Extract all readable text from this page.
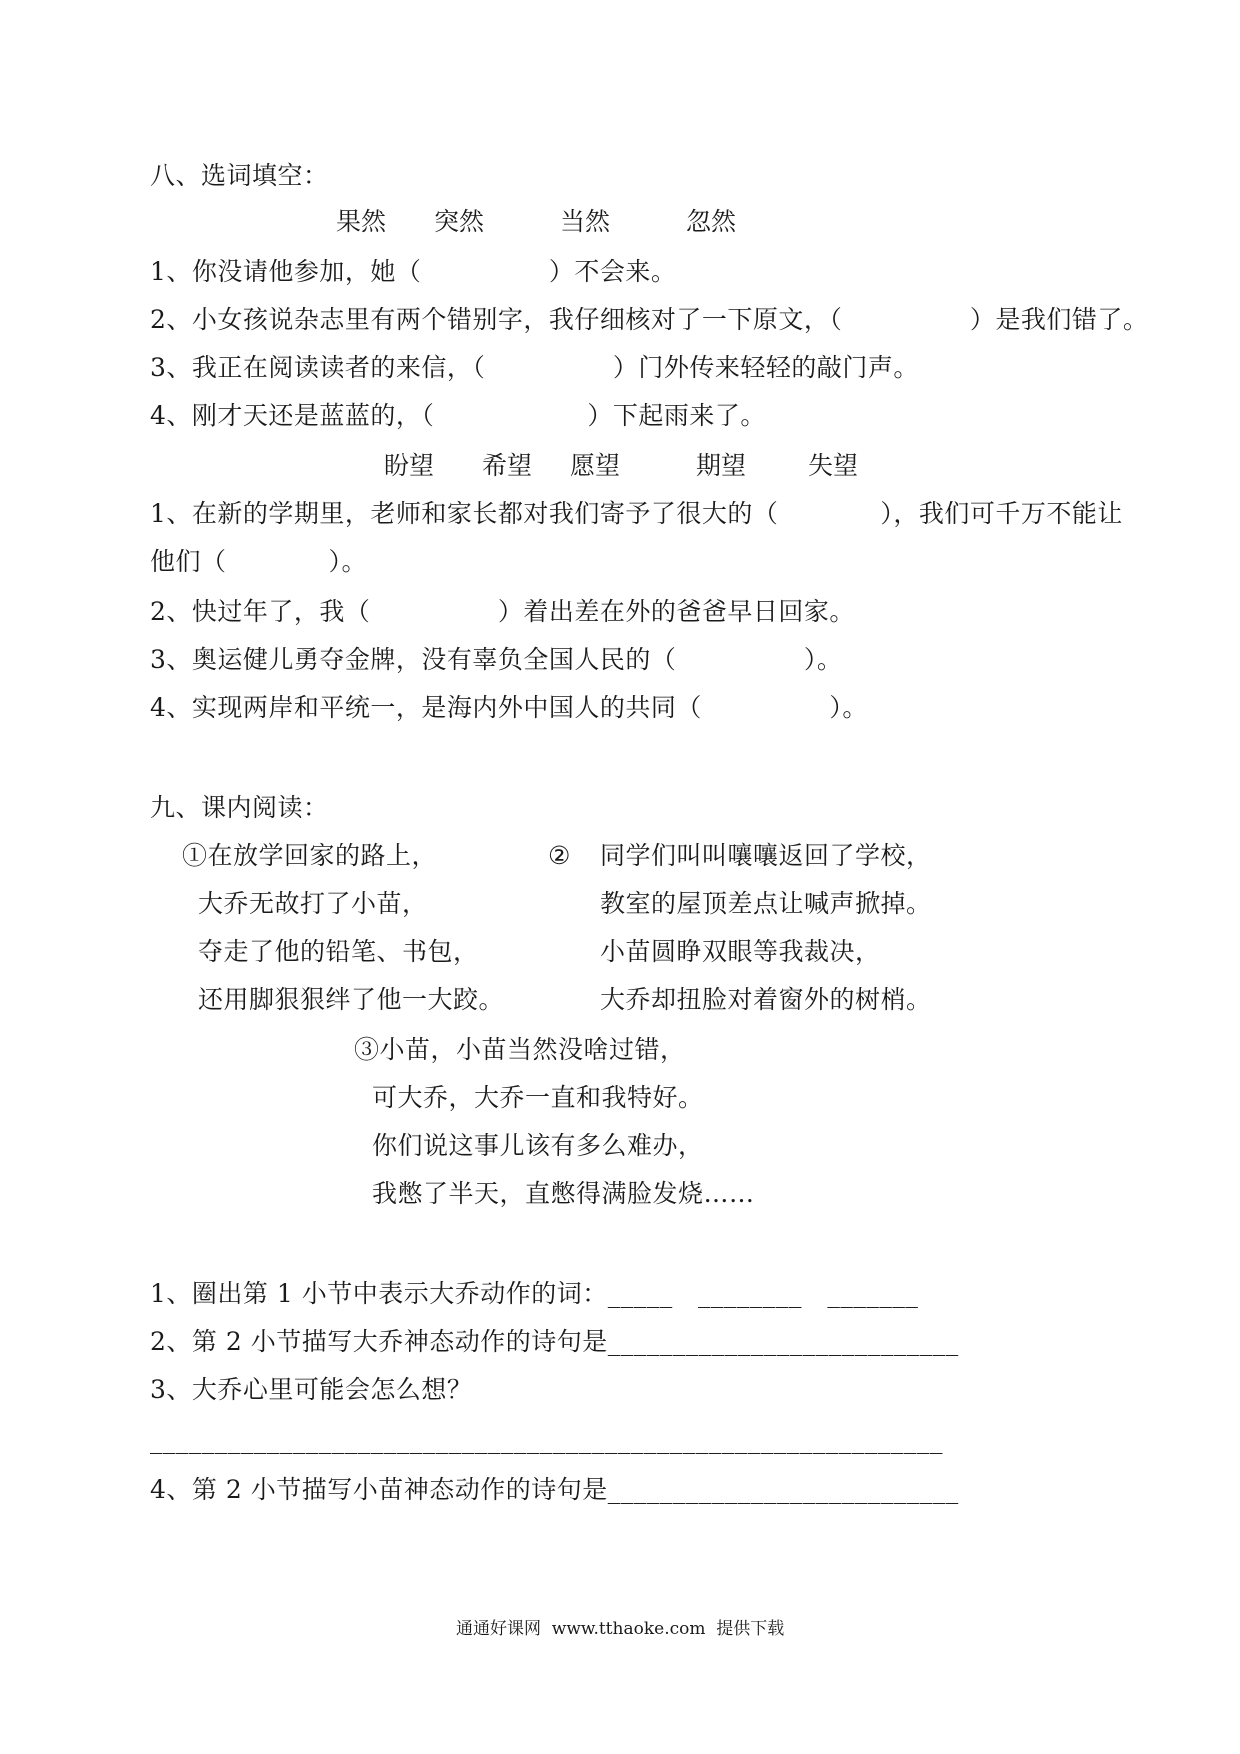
八、选词填空：
果然 突然	当然	忽然
1、你没请他参加，她（　　　　　）不会来。
2、小女孩说杂志里有两个错别字，我仔细核对了一下原文，（　　　　　）是我们错了。
3、我正在阅读读者的来信，（　　　　　）门外传来轻轻的敲门声。
4、刚才天还是蓝蓝的，（　　　　　　）下起雨来了。
盼望 希望 愿望	期望 失望
1、在新的学期里，老师和家长都对我们寄予了很大的（　　　　），我们可千万不能让
他们（　　　　）。
2、快过年了，我（　　　　　）着出差在外的爸爸早日回家。
3、奥运健儿勇夺金牌，没有辜负全国人民的（　　　　　）。
4、实现两岸和平统一，是海内外中国人的共同（　　　　　）。
九、课内阅读：
①在放学回家的路上，
大乔无故打了小苗，
夺走了他的铅笔、书包，
还用脚狠狠绊了他一大跤。
② 同学们叫叫嚷嚷返回了学校，
教室的屋顶差点让喊声掀掉。
小苗圆睁双眼等我裁决，
大乔却扭脸对着窗外的树梢。
③小苗，小苗当然没啥过错，
可大乔，大乔一直和我特好。
你们说这事儿该有多么难办，
我憋了半天，直憋得满脸发烧……
1、圈出第 1 小节中表示大乔动作的词：_____   ________   _______
2、第 2 小节描写大乔神态动作的诗句是___________________________
3、大乔心里可能会怎么想？
_____________________________________________________________
4、第 2 小节描写小苗神态动作的诗句是___________________________
通通好课网  www.tthaoke.com  提供下载
